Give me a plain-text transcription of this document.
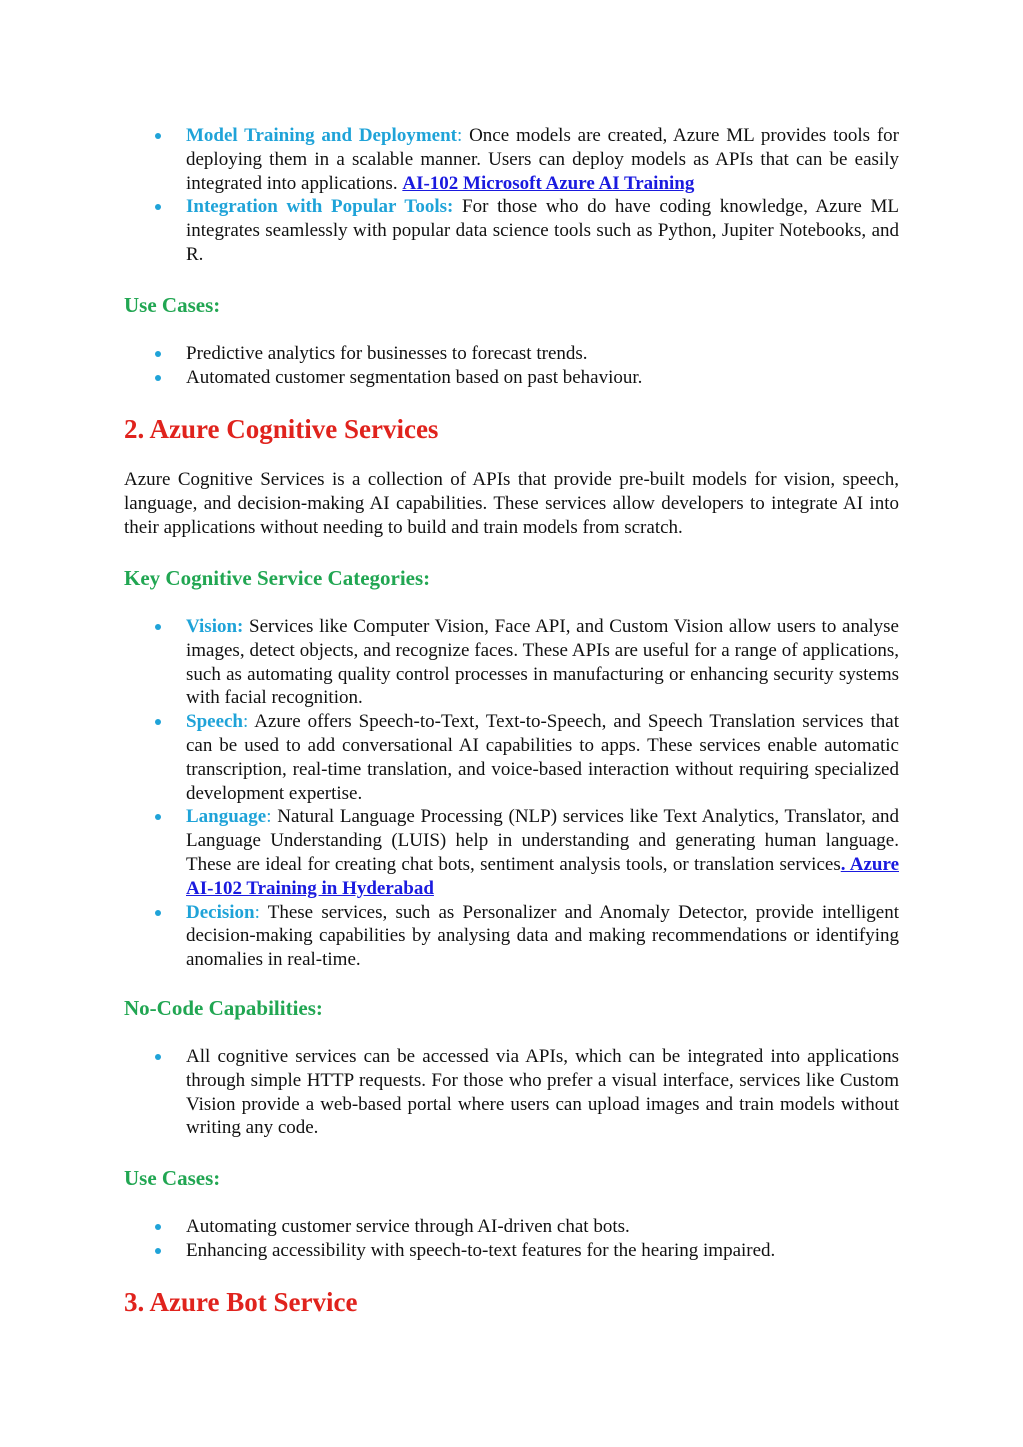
Model Training and Deployment: Once models are created, Azure ML provides tools for deploying them in a scalable manner. Users can deploy models as APIs that can be easily integrated into applications. AI-102 Microsoft Azure AI Training
Integration with Popular Tools: For those who do have coding knowledge, Azure ML integrates seamlessly with popular data science tools such as Python, Jupiter Notebooks, and R.
Use Cases:
Predictive analytics for businesses to forecast trends.
Automated customer segmentation based on past behaviour.
2. Azure Cognitive Services

Azure Cognitive Services is a collection of APIs that provide pre-built models for vision, speech, language, and decision-making AI capabilities. These services allow developers to integrate AI into their applications without needing to build and train models from scratch.

Key Cognitive Service Categories:
Vision: Services like Computer Vision, Face API, and Custom Vision allow users to analyse images, detect objects, and recognize faces. These APIs are useful for a range of applications, such as automating quality control processes in manufacturing or enhancing security systems with facial recognition.
Speech: Azure offers Speech-to-Text, Text-to-Speech, and Speech Translation services that can be used to add conversational AI capabilities to apps. These services enable automatic transcription, real-time translation, and voice-based interaction without requiring specialized development expertise.
Language: Natural Language Processing (NLP) services like Text Analytics, Translator, and Language Understanding (LUIS) help in understanding and generating human language. These are ideal for creating chat bots, sentiment analysis tools, or translation services. Azure AI-102 Training in Hyderabad
Decision: These services, such as Personalizer and Anomaly Detector, provide intelligent decision-making capabilities by analysing data and making recommendations or identifying anomalies in real-time.
No-Code Capabilities:
All cognitive services can be accessed via APIs, which can be integrated into applications through simple HTTP requests. For those who prefer a visual interface, services like Custom Vision provide a web-based portal where users can upload images and train models without writing any code.
Use Cases:
Automating customer service through AI-driven chat bots.
Enhancing accessibility with speech-to-text features for the hearing impaired.
3. Azure Bot Service
